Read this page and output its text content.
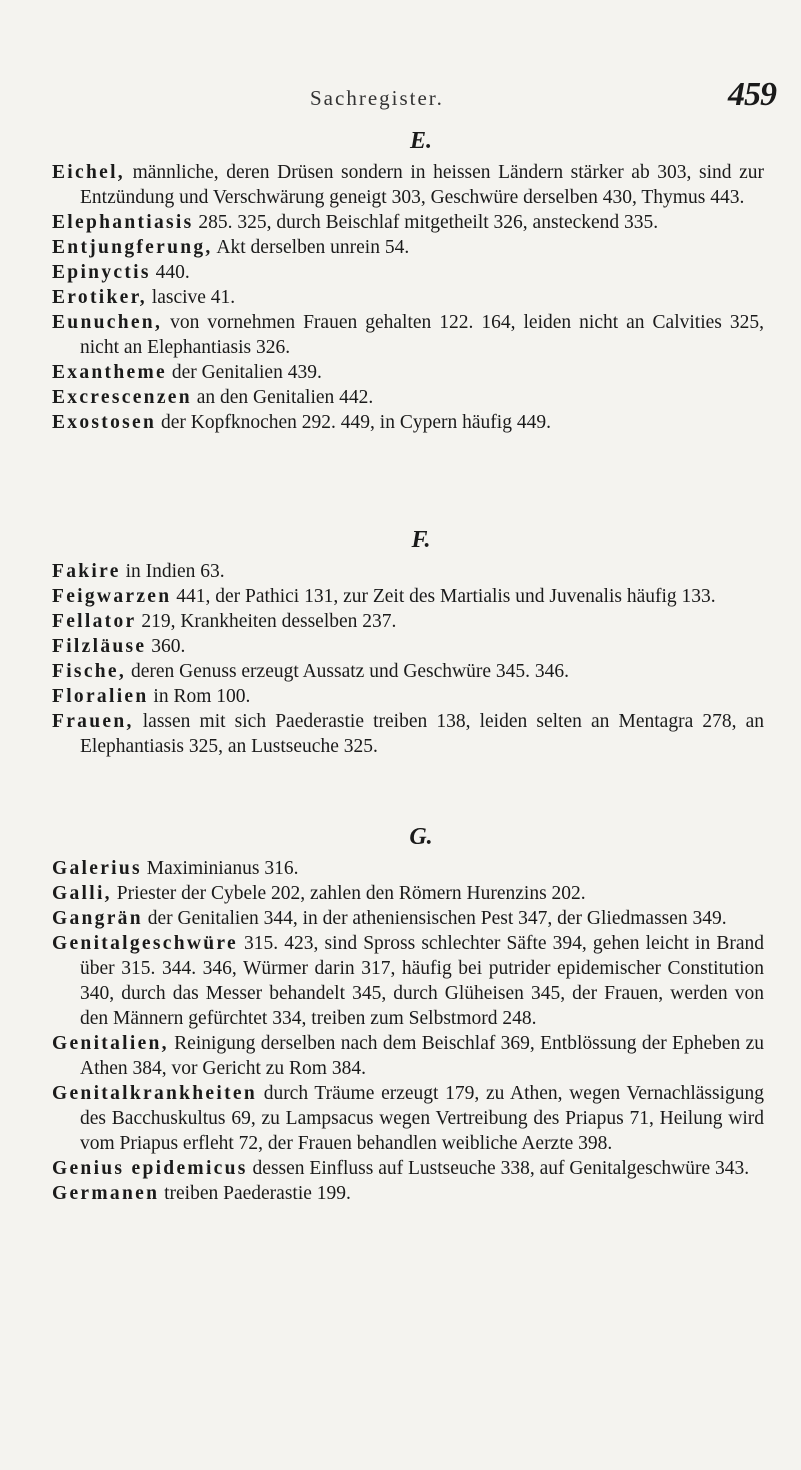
Sachregister.	459
E.
Eichel, männliche, deren Drüsen sondern in heissen Ländern stärker ab 303, sind zur Entzündung und Verschwärung geneigt 303, Geschwüre derselben 430, Thymus 443.
Elephantiasis 285. 325, durch Beischlaf mitgetheilt 326, ansteckend 335.
Entjungferung, Akt derselben unrein 54.
Epinyctis 440.
Erotiker, lascive 41.
Eunuchen, von vornehmen Frauen gehalten 122. 164, leiden nicht an Calvities 325, nicht an Elephantiasis 326.
Exantheme der Genitalien 439.
Excrescenzen an den Genitalien 442.
Exostosen der Kopfknochen 292. 449, in Cypern häufig 449.
F.
Fakire in Indien 63.
Feigwarzen 441, der Pathici 131, zur Zeit des Martialis und Juvenalis häufig 133.
Fellator 219, Krankheiten desselben 237.
Filzläuse 360.
Fische, deren Genuss erzeugt Aussatz und Geschwüre 345. 346.
Floralien in Rom 100.
Frauen, lassen mit sich Paederastie treiben 138, leiden selten an Mentagra 278, an Elephantiasis 325, an Lustseuche 325.
G.
Galerius Maximinianus 316.
Galli, Priester der Cybele 202, zahlen den Römern Hurenzins 202.
Gangrän der Genitalien 344, in der atheniensischen Pest 347, der Gliedmassen 349.
Genitalgeschwüre 315. 423, sind Spross schlechter Säfte 394, gehen leicht in Brand über 315. 344. 346, Würmer darin 317, häufig bei putrider epidemischer Constitution 340, durch das Messer behandelt 345, durch Glüheisen 345, der Frauen, werden von den Männern gefürchtet 334, treiben zum Selbstmord 248.
Genitalien, Reinigung derselben nach dem Beischlaf 369, Entblössung der Epheben zu Athen 384, vor Gericht zu Rom 384.
Genitalkrankheiten durch Träume erzeugt 179, zu Athen, wegen Vernachlässigung des Bacchuskultus 69, zu Lampsacus wegen Vertreibung des Priapus 71, Heilung wird vom Priapus erfleht 72, der Frauen behandlen weibliche Aerzte 398.
Genius epidemicus dessen Einfluss auf Lustseuche 338, auf Genitalgeschwüre 343.
Germanen treiben Paederastie 199.
